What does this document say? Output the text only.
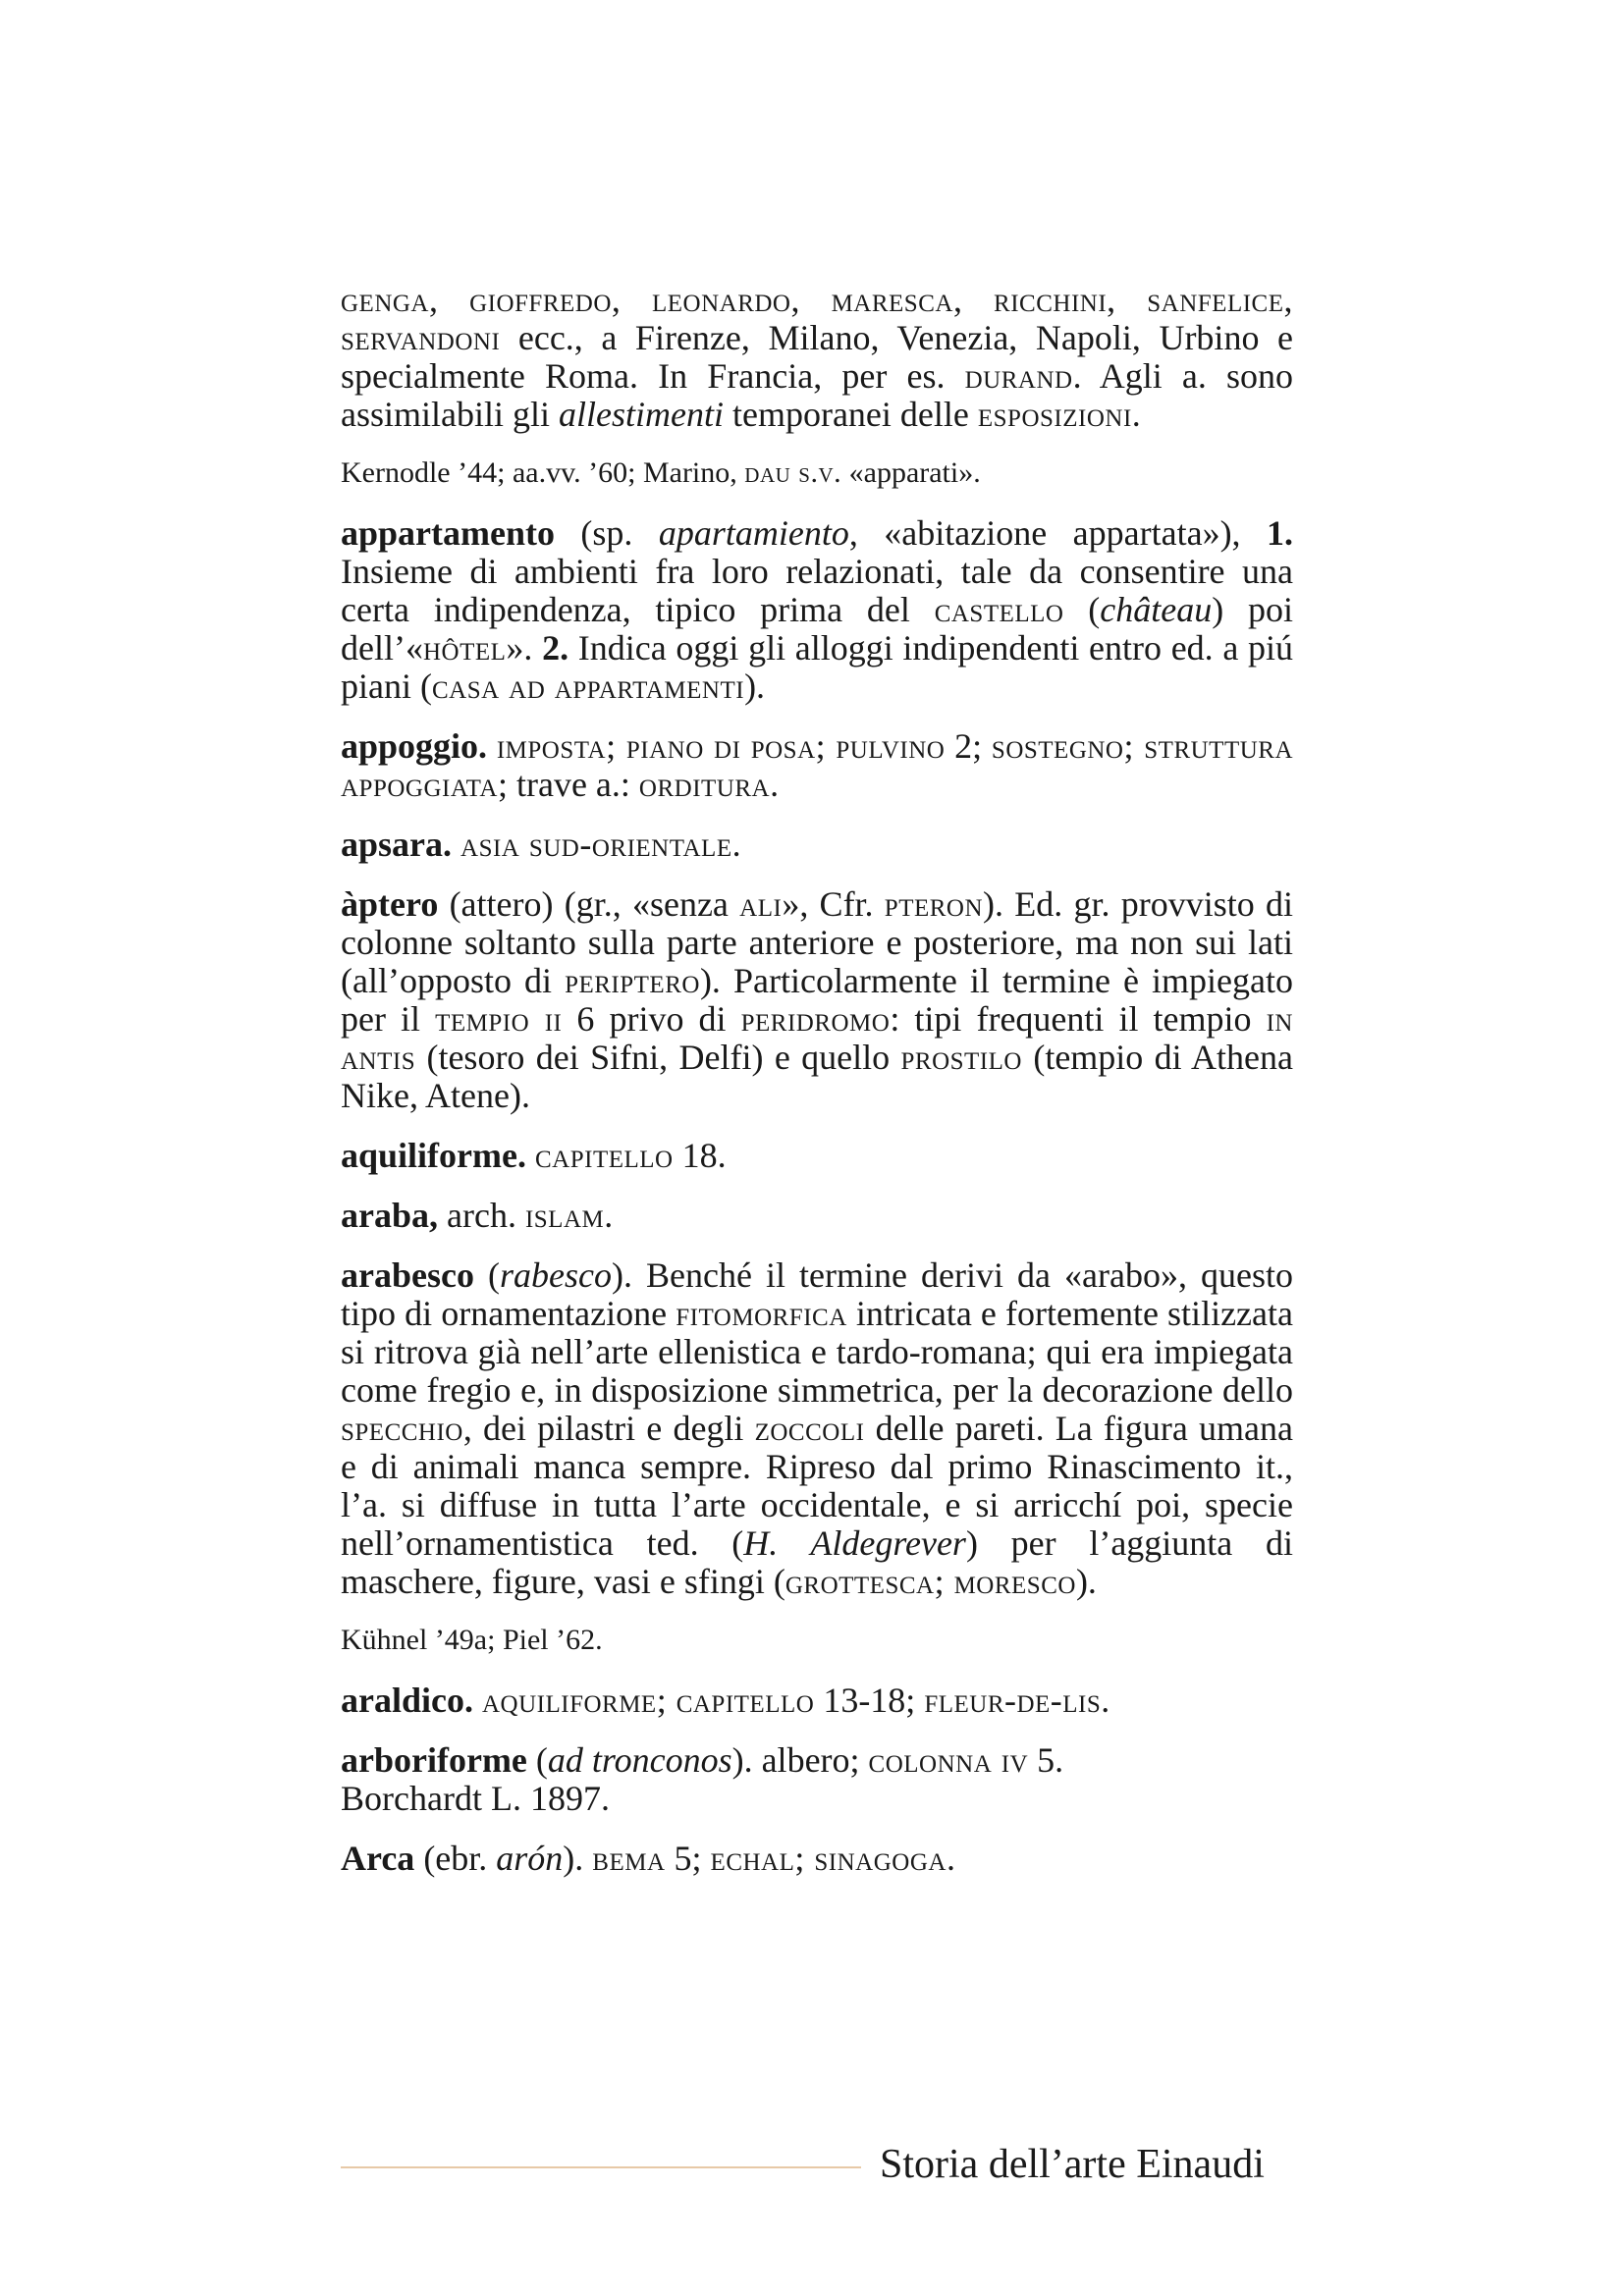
genga, gioffredo, leonardo, maresca, ricchini, sanfelice, servandoni ecc., a Firenze, Milano, Venezia, Napoli, Urbino e specialmente Roma. In Francia, per es. durand. Agli a. sono assimilabili gli allestimenti temporanei delle esposizioni.

Kernodle ’44; aa.vv. ’60; Marino, dau s.v. «apparati».

appartamento (sp. apartamiento, «abitazione appartata»), 1. Insieme di ambienti fra loro relazionati, tale da consentire una certa indipendenza, tipico prima del castello (château) poi dell’«hôtel». 2. Indica oggi gli alloggi indipendenti entro ed. a piú piani (casa ad appartamenti).

appoggio. imposta; piano di posa; pulvino 2; sostegno; struttura appoggiata; trave a.: orditura.

apsara. asia sud-orientale.

àptero (attero) (gr., «senza ali», Cfr. pteron). Ed. gr. provvisto di colonne soltanto sulla parte anteriore e posteriore, ma non sui lati (all’opposto di periptero). Particolarmente il termine è impiegato per il tempio ii 6 privo di peridromo: tipi frequenti il tempio in antis (tesoro dei Sifni, Delfi) e quello prostilo (tempio di Athena Nike, Atene).

aquiliforme. capitello 18.

araba, arch. islam.

arabesco (rabesco). Benché il termine derivi da «arabo», questo tipo di ornamentazione fitomorfica intricata e fortemente stilizzata si ritrova già nell’arte ellenistica e tardo-romana; qui era impiegata come fregio e, in disposizione simmetrica, per la decorazione dello specchio, dei pilastri e degli zoccoli delle pareti. La figura umana e di animali manca sempre. Ripreso dal primo Rinascimento it., l’a. si diffuse in tutta l’arte occidentale, e si arricchí poi, specie nell’ornamentistica ted. (H. Aldegrever) per l’aggiunta di maschere, figure, vasi e sfingi (grottesca; moresco).

Kühnel ’49a; Piel ’62.

araldico. aquiliforme; capitello 13-18; fleur-de-lis.

arboriforme (ad tronconos). albero; colonna iv 5.
Borchardt L. 1897.

Arca (ebr. arón). bema 5; echal; sinagoga.

Storia dell’arte Einaudi
